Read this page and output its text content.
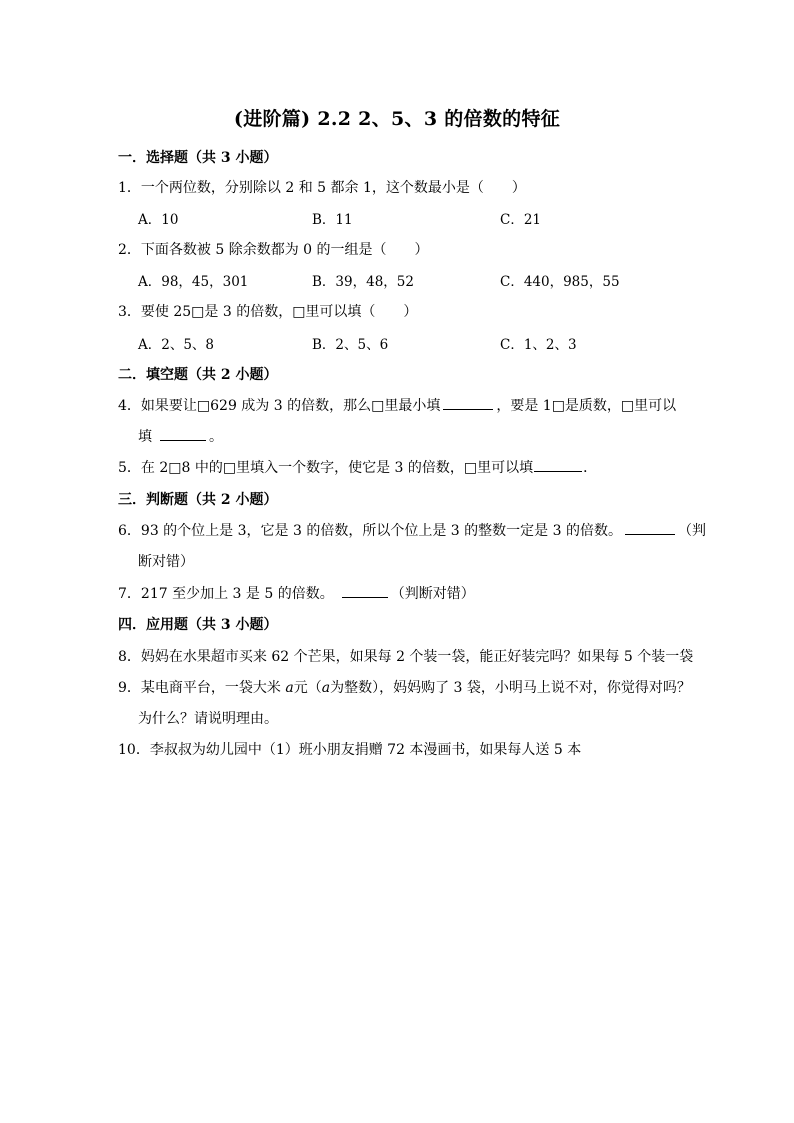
(进阶篇) 2.2 2、5、3 的倍数的特征
一．选择题（共 3 小题）
1．一个两位数，分别除以 2 和 5 都余 1，这个数最小是（　　）
A．10	B．11	C．21
2．下面各数被 5 除余数都为 0 的一组是（　　）
A．98，45，301	B．39，48，52	C．440，985，55
3．要使 25□是 3 的倍数，□里可以填（　　）
A．2、5、8	B．2、5、6	C．1、2、3
二．填空题（共 2 小题）
4．如果要让□629 成为 3 的倍数，那么□里最小填	，要是 1□是质数，□里可以
填	。
5．在 2□8 中的□里填入一个数字，使它是 3 的倍数，□里可以填	．
三．判断题（共 2 小题）
6．93 的个位上是 3，它是 3 的倍数，所以个位上是 3 的整数一定是 3 的倍数。	（判
断对错）
7．217 至少加上 3 是 5 的倍数。	（判断对错）
四．应用题（共 3 小题）
8．妈妈在水果超市买来 62 个芒果，如果每 2 个装一袋，能正好装完吗？如果每 5 个装一袋
9．某电商平台，一袋大米 a元（a为整数），妈妈购了 3 袋，小明马上说不对，你觉得对吗？
为什么？请说明理由。
10．李叔叔为幼儿园中（1）班小朋友捐赠 72 本漫画书，如果每人送 5 本
